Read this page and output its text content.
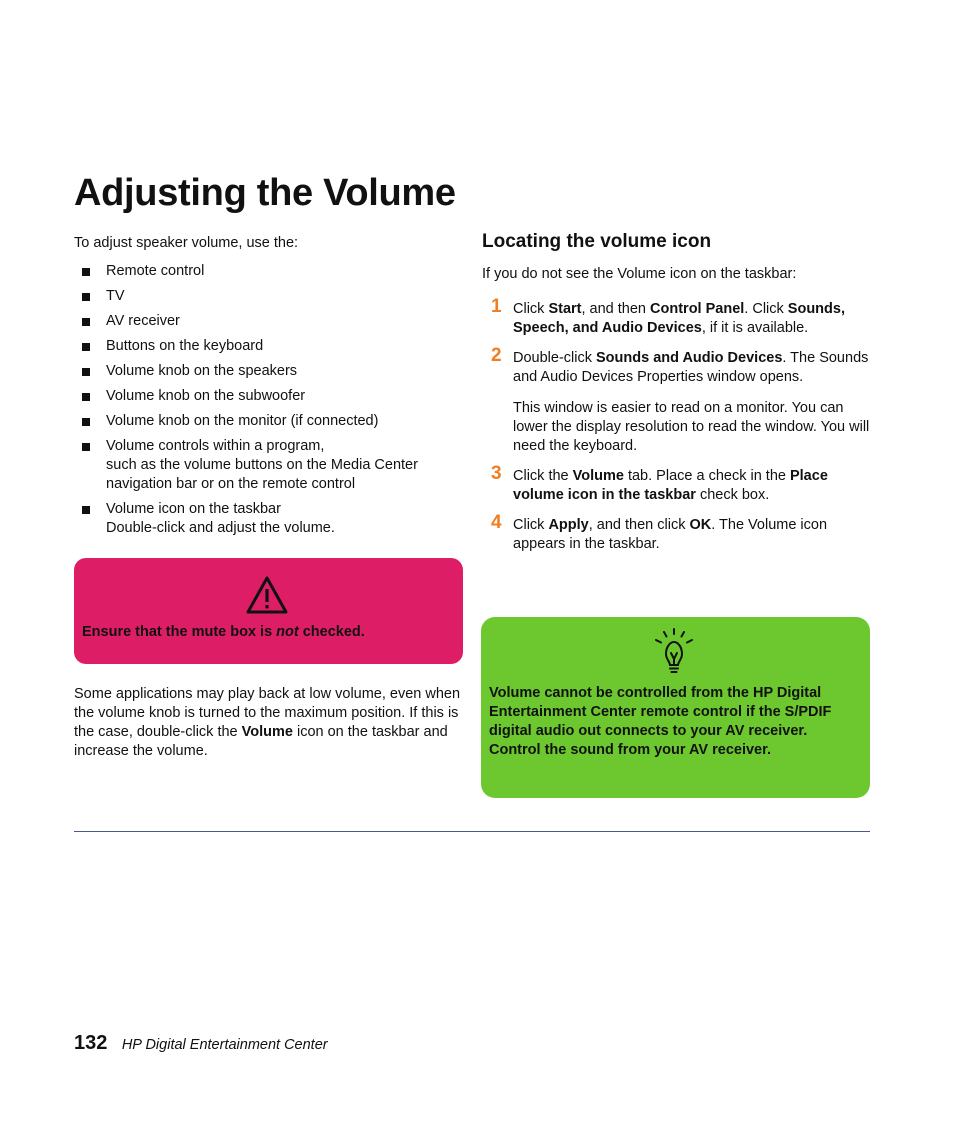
Adjusting the Volume

To adjust speaker volume, use the:

Remote control
TV
AV receiver
Buttons on the keyboard
Volume knob on the speakers
Volume knob on the subwoofer
Volume knob on the monitor (if connected)
Volume controls within a program,
such as the volume buttons on the Media Center
navigation bar or on the remote control
Volume icon on the taskbar
Double-click and adjust the volume.
Ensure that the mute box is not checked.

Some applications may play back at low volume, even when the volume knob is turned to the maximum position. If this is the case, double-click the Volume icon on the taskbar and increase the volume.

Locating the volume icon

If you do not see the Volume icon on the taskbar:

1 Click Start, and then Control Panel. Click Sounds, Speech, and Audio Devices, if it is available.
2 Double-click Sounds and Audio Devices. The Sounds and Audio Devices Properties window opens.
This window is easier to read on a monitor. You can lower the display resolution to read the window. You will need the keyboard.
3 Click the Volume tab. Place a check in the Place volume icon in the taskbar check box.
4 Click Apply, and then click OK. The Volume icon appears in the taskbar.
Volume cannot be controlled from the HP Digital Entertainment Center remote control if the S/PDIF digital audio out connects to your AV receiver. Control the sound from your AV receiver.
132 HP Digital Entertainment Center
